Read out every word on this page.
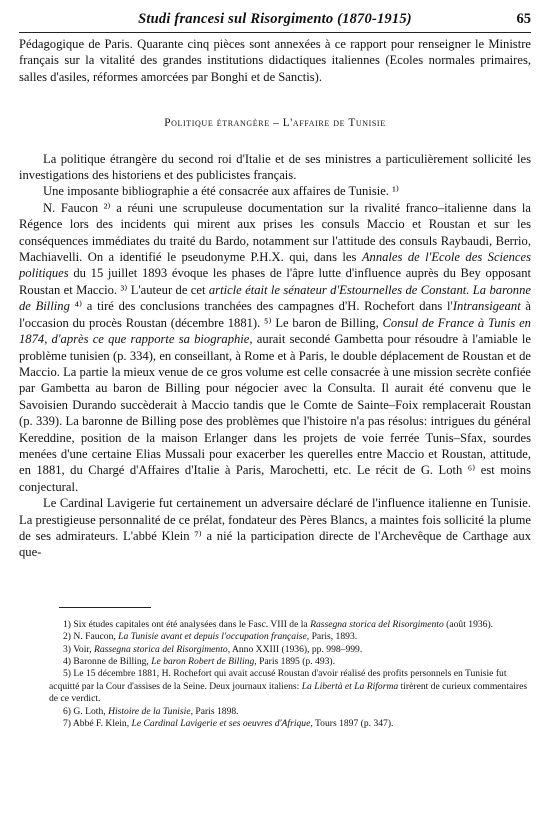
Studi francesi sul Risorgimento (1870-1915)	65

Pédagogique de Paris. Quarante cinq pièces sont annexées à ce rapport pour renseigner le Ministre français sur la vitalité des grandes institutions didactiques italiennes (Ecoles normales primaires, salles d'asiles, réformes amorcées par Bonghi et de Sanctis).

Politique étrangère – L'affaire de Tunisie

La politique étrangère du second roi d'Italie et de ses ministres a particulièrement sollicité les investigations des historiens et des publicistes français.

Une imposante bibliographie a été consacrée aux affaires de Tunisie. ¹⁾

N. Faucon ²⁾ a réuni une scrupuleuse documentation sur la rivalité franco–italienne dans la Régence lors des incidents qui mirent aux prises les consuls Maccio et Roustan et sur les conséquences immédiates du traité du Bardo, notamment sur l'attitude des consuls Raybaudi, Berrio, Machiavelli. On a identifié le pseudonyme P.H.X. qui, dans les Annales de l'Ecole des Sciences politiques du 15 juillet 1893 évoque les phases de l'âpre lutte d'influence auprès du Bey opposant Roustan et Maccio. ³⁾ L'auteur de cet article était le sénateur d'Estournelles de Constant. La baronne de Billing ⁴⁾ a tiré des conclusions tranchées des campagnes d'H. Rochefort dans l'Intransigeant à l'occasion du procès Roustan (décembre 1881). ⁵⁾ Le baron de Billing, Consul de France à Tunis en 1874, d'après ce que rapporte sa biographie, aurait secondé Gambetta pour résoudre à l'amiable le problème tunisien (p. 334), en conseillant, à Rome et à Paris, le double déplacement de Roustan et de Maccio. La partie la mieux venue de ce gros volume est celle consacrée à une mission secrète confiée par Gambetta au baron de Billing pour négocier avec la Consulta. Il aurait été convenu que le Savoisien Durando succèderait à Maccio tandis que le Comte de Sainte–Foix remplacerait Roustan (p. 339). La baronne de Billing pose des problèmes que l'histoire n'a pas résolus: intrigues du général Kereddine, position de la maison Erlanger dans les projets de voie ferrée Tunis–Sfax, sourdes menées d'une certaine Elias Mussali pour exacerber les querelles entre Maccio et Roustan, attitude, en 1881, du Chargé d'Affaires d'Italie à Paris, Marochetti, etc. Le récit de G. Loth ⁶⁾ est moins conjectural.

Le Cardinal Lavigerie fut certainement un adversaire déclaré de l'influence italienne en Tunisie. La prestigieuse personnalité de ce prélat, fondateur des Pères Blancs, a maintes fois sollicité la plume de ses admirateurs. L'abbé Klein ⁷⁾ a nié la participation directe de l'Archevêque de Carthage aux que-

1) Six études capitales ont été analysées dans le Fasc. VIII de la Rassegna storica del Risorgimento (août 1936).
2) N. Faucon, La Tunisie avant et depuis l'occupation française, Paris, 1893.
3) Voir, Rassegna storica del Risorgimento, Anno XXIII (1936), pp. 998–999.
4) Baronne de Billing, Le baron Robert de Billing, Paris 1895 (p. 493).
5) Le 15 décembre 1881, H. Rochefort qui avait accusé Roustan d'avoir réalisé des profits personnels en Tunisie fut acquitté par la Cour d'assises de la Seine. Deux journaux italiens: La Libertà et La Riforma tirèrent de curieux commentaires de ce verdict.
6) G. Loth, Histoire de la Tunisie, Paris 1898.
7) Abbé F. Klein, Le Cardinal Lavigerie et ses oeuvres d'Afrique, Tours 1897 (p. 347).
